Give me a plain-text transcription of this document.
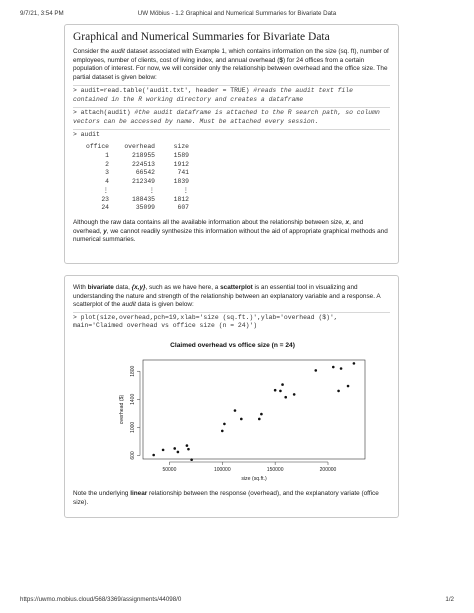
9/7/21, 3:54 PM	UW Möbius - 1.2 Graphical and Numerical Summaries for Bivariate Data
Graphical and Numerical Summaries for Bivariate Data

Consider the audit dataset associated with Example 1, which contains information on the size (sq. ft), number of employees, number of clients, cost of living index, and annual overhead ($) for 24 offices from a certain population of interest. For now, we will consider only the relationship between overhead and the office size. The partial dataset is given below:

> audit=read.table('audit.txt', header = TRUE) #reads the audit text file
contained in the R working directory and creates a dataframe
> attach(audit) #the audit dataframe is attached to the R search path, so column
vectors can be accessed by name. Must be attached every session.
> audit
office	overhead	size
1	218955	1589
2	224513	1912
3	66542	741
4	212349	1839
⋮	⋮	⋮
23	188435	1812
24	35099	607

Although the raw data contains all the available information about the relationship between size, x, and overhead, y, we cannot readily synthesize this information without the aid of appropriate graphical methods and numerical summaries.

With bivariate data, {x,y}, such as we have here, a scatterplot is an essential tool in visualizing and understanding the nature and strength of the relationship between an explanatory variable and a response. A scatterplot of the audit data is given below:

> plot(size,overhead,pch=19,xlab='size (sq.ft.)',ylab='overhead ($)',
main='Claimed overhead vs office size (n = 24)')
Claimed overhead vs office size (n = 24)
50000	100000	150000	200000
600
1000
1400
1800
size (sq.ft.)
overhead ($)

Note the underlying linear relationship between the response (overhead), and the explanatory variate (office size).

https://uwmo.mobius.cloud/568/3369/assignments/44098/0	1/2
